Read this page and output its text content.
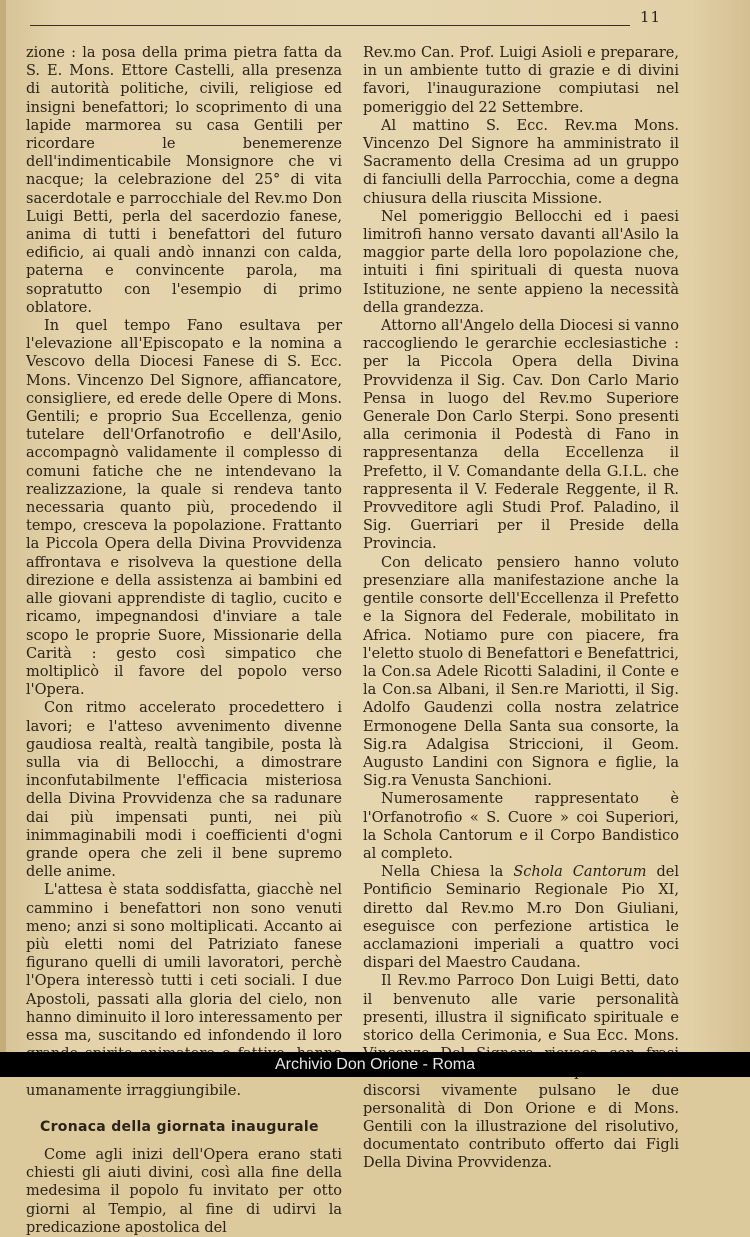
11

zione : la posa della prima pietra fatta da S. E. Mons. Ettore Castelli, alla presenza di autorità politiche, civili, religiose ed insigni benefattori; lo scoprimento di una lapide marmorea su casa Gentili per ricordare le benemerenze dell'indimenticabile Monsignore che vi nacque; la celebrazione del 25° di vita sacerdotale e parrocchiale del Rev.mo Don Luigi Betti, perla del sacerdozio fanese, anima di tutti i benefattori del futuro edificio, ai quali andò innanzi con calda, paterna e convincente parola, ma sopratutto con l'esempio di primo oblatore.

In quel tempo Fano esultava per l'elevazione all'Episcopato e la nomina a Vescovo della Diocesi Fanese di S. Ecc. Mons. Vincenzo Del Signore, affiancatore, consigliere, ed erede delle Opere di Mons. Gentili; e proprio Sua Eccellenza, genio tutelare dell'Orfanotrofio e dell'Asilo, accompagnò validamente il complesso di comuni fatiche che ne intendevano la realizzazione, la quale si rendeva tanto necessaria quanto più, procedendo il tempo, cresceva la popolazione. Frattanto la Piccola Opera della Divina Provvidenza affrontava e risolveva la questione della direzione e della assistenza ai bambini ed alle giovani apprendiste di taglio, cucito e ricamo, impegnandosi d'inviare a tale scopo le proprie Suore, Missionarie della Carità : gesto così simpatico che moltiplicò il favore del popolo verso l'Opera.

Con ritmo accelerato procedettero i lavori; e l'atteso avvenimento divenne gaudiosa realtà, realtà tangibile, posta là sulla via di Bellocchi, a dimostrare inconfutabilmente l'efficacia misteriosa della Divina Provvidenza che sa radunare dai più impensati punti, nei più inimmaginabili modi i coefficienti d'ogni grande opera che zeli il bene supremo delle anime.

L'attesa è stata soddisfatta, giacchè nel cammino i benefattori non sono venuti meno; anzi si sono moltiplicati. Accanto ai più eletti nomi del Patriziato fanese figurano quelli di umili lavoratori, perchè l'Opera interessò tutti i ceti sociali. I due Apostoli, passati alla gloria del cielo, non hanno diminuito il loro interessamento per essa ma, suscitando ed infondendo il loro umanamente irraggiungibile.

Cronaca della giornata inaugurale

Come agli inizi dell'Opera erano stati chiesti gli aiuti divini, così alla fine della medesima il popolo fu invitato per otto giorni al Tempio, al fine di udirvi la predicazione apostolica del

Rev.mo Can. Prof. Luigi Asioli e preparare, in un ambiente tutto di grazie e di divini favori, l'inaugurazione compiutasi nel pomeriggio del 22 Settembre.

Al mattino S. Ecc. Rev.ma Mons. Vincenzo Del Signore ha amministrato il Sacramento della Cresima ad un gruppo di fanciulli della Parrocchia, come a degna chiusura della riuscita Missione.

Nel pomeriggio Bellocchi ed i paesi limitrofi hanno versato davanti all'Asilo la maggior parte della loro popolazione che, intuiti i fini spirituali di questa nuova Istituzione, ne sente appieno la necessità della grandezza.

Attorno all'Angelo della Diocesi si vanno raccogliendo le gerarchie ecclesiastiche : per la Piccola Opera della Divina Provvidenza il Sig. Cav. Don Carlo Mario Pensa in luogo del Rev.mo Superiore Generale Don Carlo Sterpi. Sono presenti alla cerimonia il Podestà di Fano in rappresentanza della Eccellenza il Prefetto, il V. Comandante della G.I.L. che rappresenta il V. Federale Reggente, il R. Provveditore agli Studi Prof. Paladino, il Sig. Guerriari per il Preside della Provincia.

Con delicato pensiero hanno voluto presenziare alla manifestazione anche la gentile consorte dell'Eccellenza il Prefetto e la Signora del Federale, mobilitato in Africa. Notiamo pure con piacere, fra l'eletto stuolo di Benefattori e Benefattrici, la Con.sa Adele Ricotti Saladini, il Conte e la Con.sa Albani, il Sen.re Mariotti, il Sig. Adolfo Gaudenzi colla nostra zelatrice Ermonogene Della Santa sua consorte, la Sig.ra Adalgisa Striccioni, il Geom. Augusto Landini con Signora e figlie, la Sig.ra Venusta Sanchioni.

Numerosamente rappresentato è l'Orfanotrofio « S. Cuore » coi Superiori, la Schola Cantorum e il Corpo Bandistico al completo.

Nella Chiesa la Schola Cantorum del Pontificio Seminario Regionale Pio XI, diretto dal Rev.mo M.ro Don Giuliani, eseguisce con perfezione artistica le acclamazioni imperiali a quattro voci dispari del Maestro Caudana.

Il Rev.mo Parroco Don Luigi Betti, dato il benvenuto alle varie personalità presenti, illustra il significato spirituale e storico della Cerimonia, e Sua Ecc. Mons. discorsi vivamente pulsano le due personalità di Don Orione e di Mons. Gentili con la illustrazione del risolutivo, documentato contributo offerto dai Figli Della Divina Provvidenza.

Archivio Don Orione - Roma
